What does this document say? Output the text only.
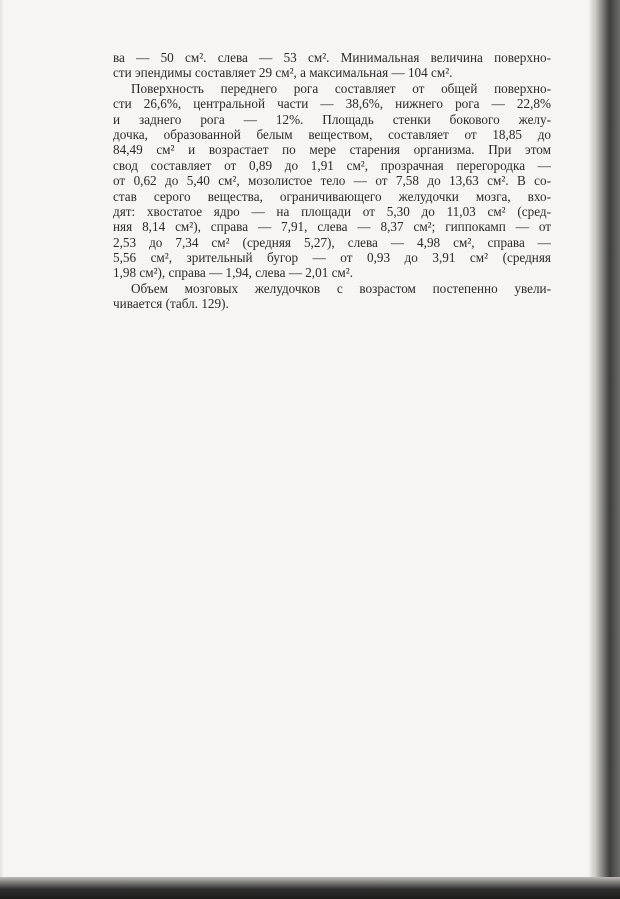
ва — 50 см². слева — 53 см². Минимальная величина поверхно-
сти эпендимы составляет 29 см², а максимальная — 104 см².
Поверхность переднего рога составляет от общей поверхно-
сти 26,6%, центральной части — 38,6%, нижнего рога — 22,8%
и заднего рога — 12%. Площадь стенки бокового желу-
дочка, образованной белым веществом, составляет от 18,85 до
84,49 см² и возрастает по мере старения организма. При этом
свод составляет от 0,89 до 1,91 см², прозрачная перегородка —
от 0,62 до 5,40 см², мозолистое тело — от 7,58 до 13,63 см². В со-
став серого вещества, ограничивающего желудочки мозга, вхо-
дят: хвостатое ядро — на площади от 5,30 до 11,03 см² (сред-
няя 8,14 см²), справа — 7,91, слева — 8,37 см²; гиппокамп — от
2,53 до 7,34 см² (средняя 5,27), слева — 4,98 см², справа —
5,56 см², зрительный бугор — от 0,93 до 3,91 см² (средняя
1,98 см²), справа — 1,94, слева — 2,01 см².
Объем мозговых желудочков с возрастом постепенно увели-
чивается (табл. 129).
